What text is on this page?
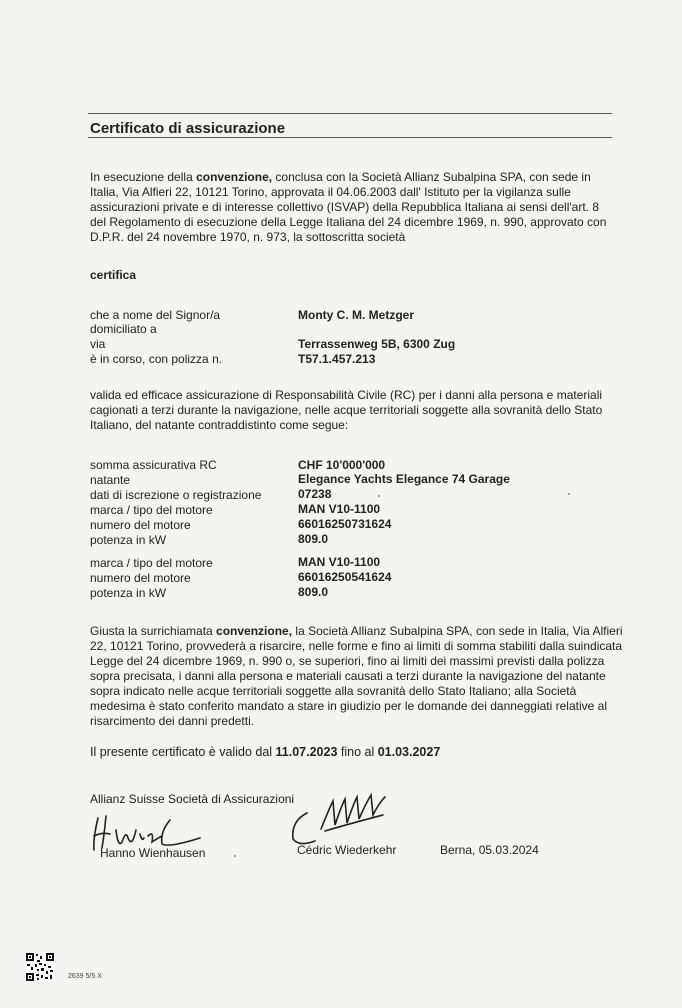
Certificato di assicurazione
In esecuzione della convenzione, conclusa con la Società Allianz Subalpina SPA, con sede in Italia, Via Alfieri 22, 10121 Torino, approvata il 04.06.2003 dall' Istituto per la vigilanza sulle assicurazioni private e di interesse collettivo (ISVAP) della Repubblica Italiana ai sensi dell'art. 8 del Regolamento di esecuzione della Legge Italiana del 24 dicembre 1969, n. 990, approvato con D.P.R. del 24 novembre 1970, n. 973, la sottoscritta società
certifica
che a nome del Signor/a	Monty C. M. Metzger
domiciliato a
via	Terrassenweg 5B, 6300 Zug
è in corso, con polizza n.	T57.1.457.213
valida ed efficace assicurazione di Responsabilità Civile (RC) per i danni alla persona e materiali cagionati a terzi durante la navigazione, nelle acque territoriali soggette alla sovranità dello Stato Italiano, del natante contraddistinto come segue:
somma assicurativa RC	CHF 10'000'000
natante	Elegance Yachts Elegance 74 Garage
dati di iscrezione o registrazione	07238
marca / tipo del motore	MAN V10-1100
numero del motore	66016250731624
potenza in kW	809.0
marca / tipo del motore	MAN V10-1100
numero del motore	66016250541624
potenza in kW	809.0
Giusta la surrichiamata convenzione, la Società Allianz Subalpina SPA, con sede in Italia, Via Alfieri 22, 10121 Torino, provvederà a risarcire, nelle forme e fino ai limiti di somma stabiliti dalla suindicata Legge del 24 dicembre 1969, n. 990 o, se superiori, fino ai limiti dei massimi previsti dalla polizza sopra precisata, i danni alla persona e materiali causati a terzi durante la navigazione del natante sopra indicato nelle acque territoriali soggette alla sovranità dello Stato Italiano; alla Società medesima è stato conferito mandato a stare in giudizio per le domande dei danneggiati relative al risarcimento dei danni predetti.
Il presente certificato è valido dal 11.07.2023 fino al 01.03.2027
Allianz Suisse Società di Assicurazioni
Hanno Wienhausen	Cédric Wiederkehr	Berna, 05.03.2024
2639 5/5 X
